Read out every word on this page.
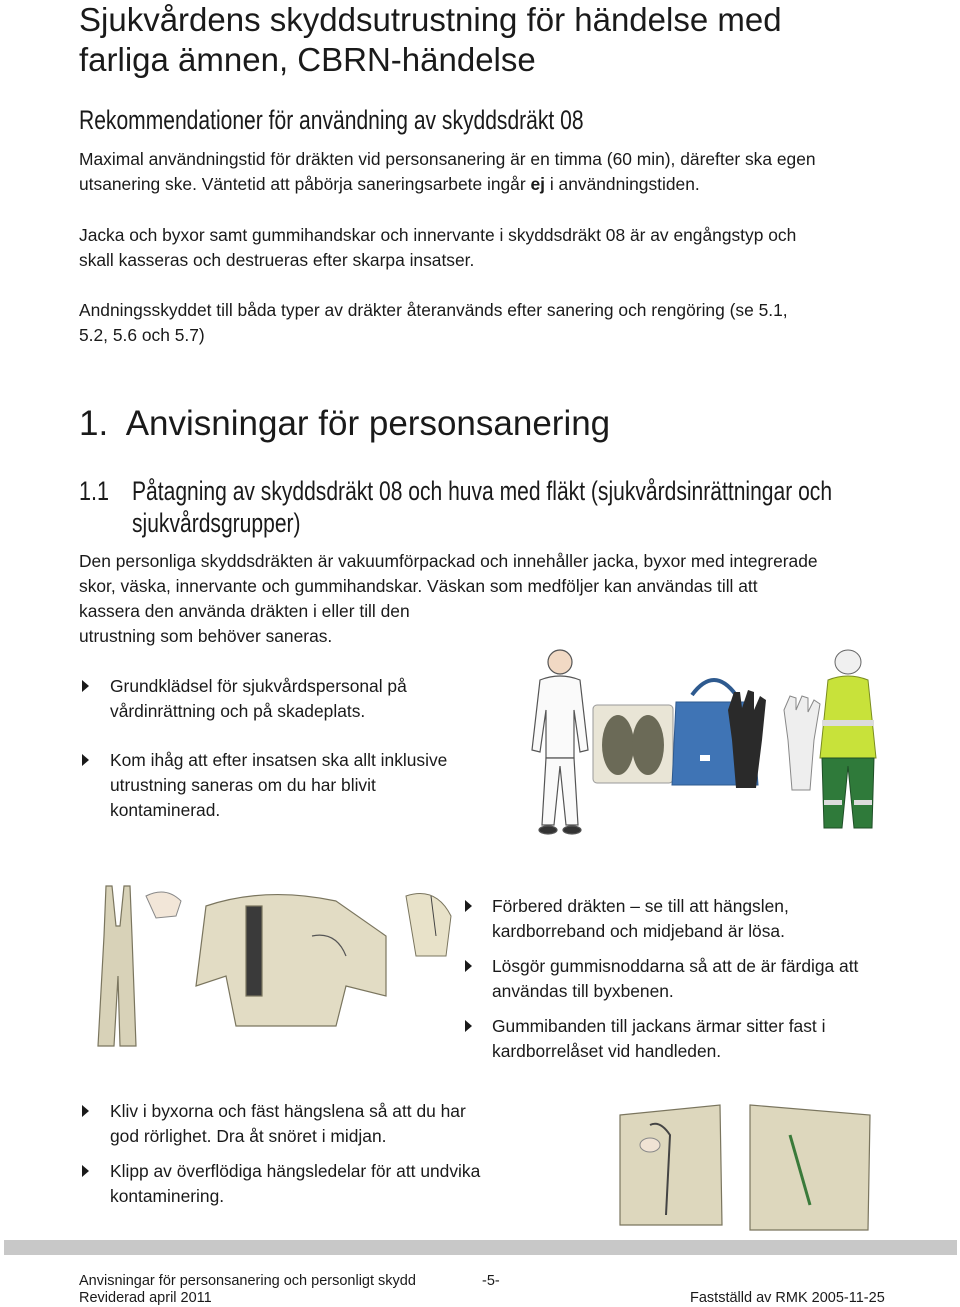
Sjukvårdens skyddsutrustning för händelse med
farliga ämnen, CBRN-händelse
Rekommendationer för användning av skyddsdräkt 08
Maximal användningstid för dräkten vid personsanering är en timma (60 min), därefter ska egen
utsanering ske. Väntetid att påbörja saneringsarbete ingår ej i användningstiden.
Jacka och byxor samt gummihandskar och innervante i skyddsdräkt 08 är av engångstyp och
skall kasseras och destrueras efter skarpa insatser.
Andningsskyddet till båda typer av dräkter återanvänds efter sanering och rengöring (se 5.1,
5.2, 5.6 och 5.7)
1.  Anvisningar för personsanering
1.1 Påtagning av skyddsdräkt 08 och huva med fläkt (sjukvårdsinrättningar och
sjukvårdsgrupper)
Den personliga skyddsdräkten är vakuumförpackad och innehåller jacka, byxor med integrerade
skor, väska, innervante och gummihandskar. Väskan som medföljer kan användas till att
kassera den använda dräkten i eller till den
utrustning som behöver saneras.
Grundklädsel för sjukvårdspersonal på
vårdinrättning och på skadeplats.
Kom ihåg att efter insatsen ska allt inklusive
utrustning saneras om du har blivit
kontaminerad.
Förbered dräkten – se till att hängslen,
kardborreband och midjeband är lösa.
Lösgör gummisnoddarna så att de är färdiga att
användas till byxbenen.
Gummibanden till jackans ärmar sitter fast i
kardborrelåset vid handleden.
Kliv i byxorna och fäst hängslena så att du har
god rörlighet. Dra åt snöret i midjan.
Klipp av överflödiga hängsledelar för att undvika
kontaminering.
Anvisningar för personsanering och personligt skydd
Reviderad april 2011
-5-
Fastställd av RMK 2005-11-25
